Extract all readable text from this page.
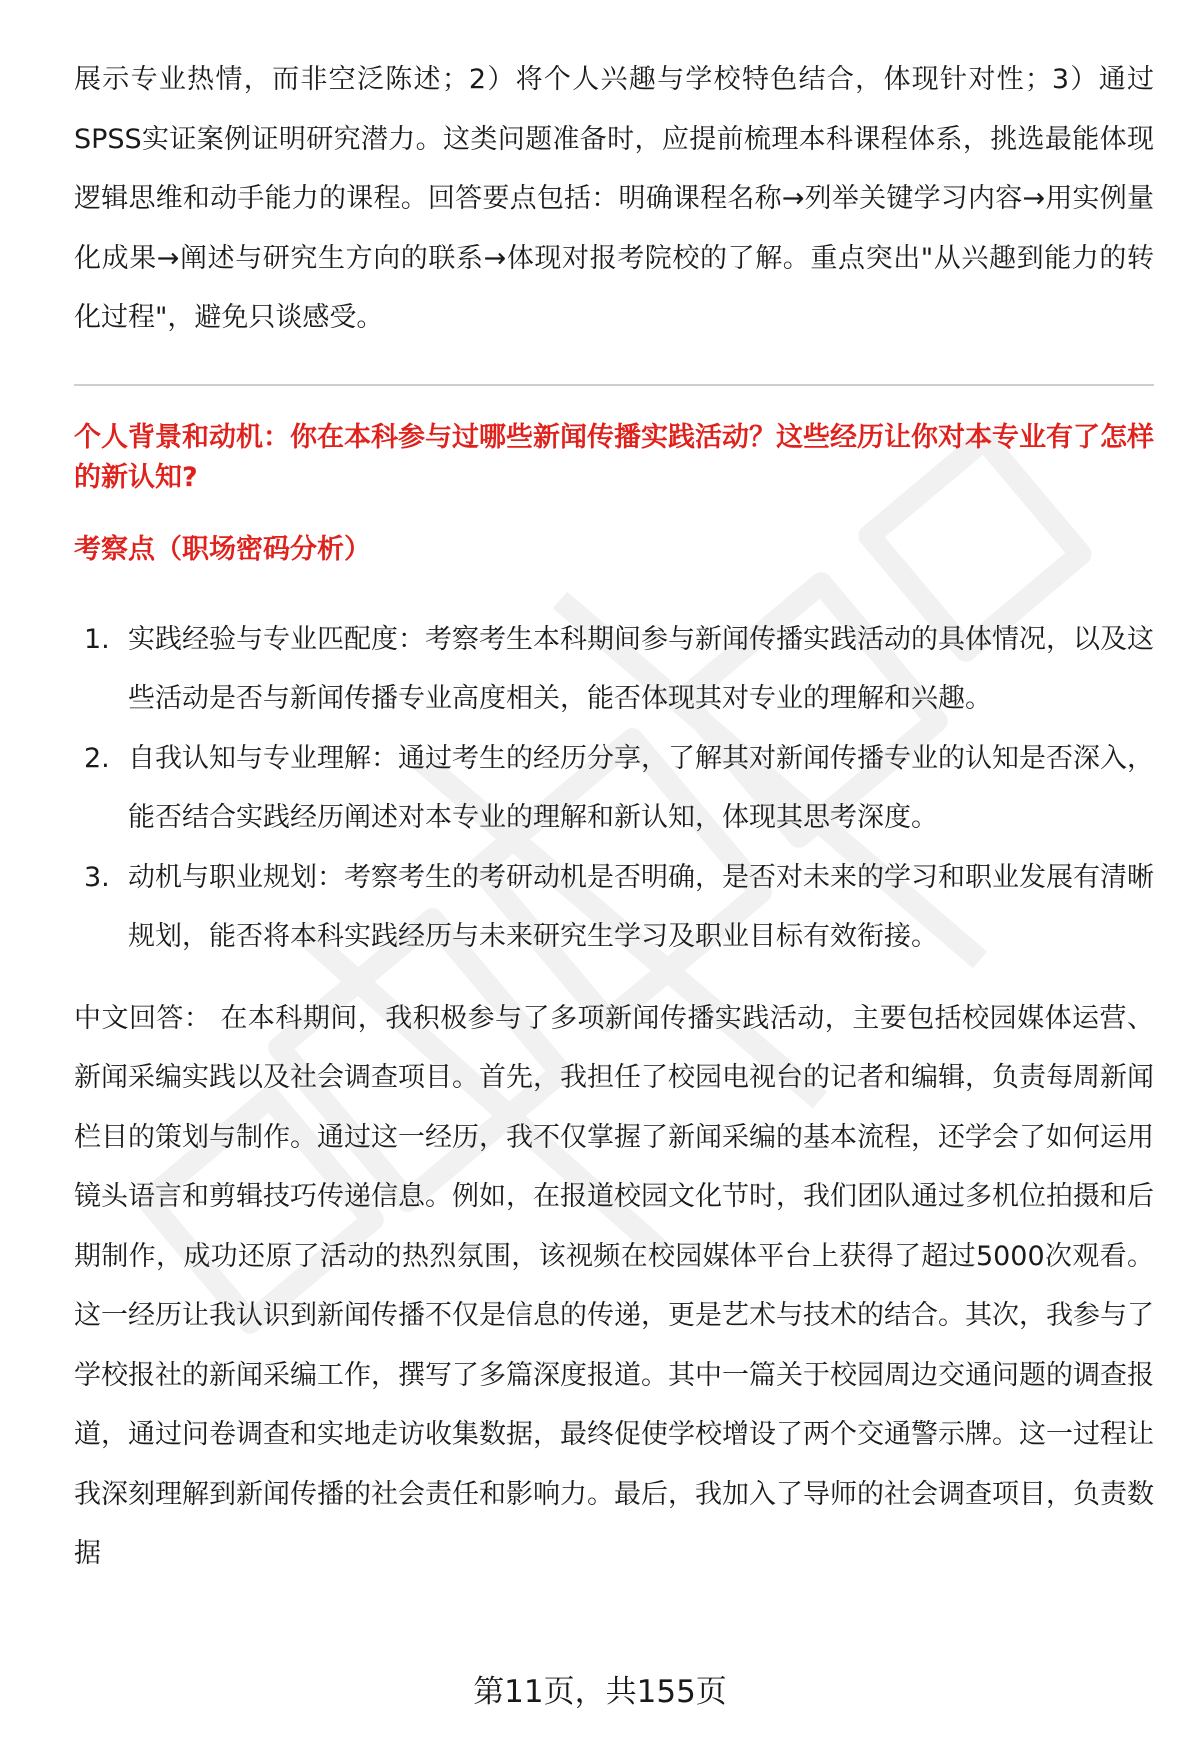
展示专业热情，而非空泛陈述；2）将个人兴趣与学校特色结合，体现针对性；3）通过SPSS实证案例证明研究潜力。这类问题准备时，应提前梳理本科课程体系，挑选最能体现逻辑思维和动手能力的课程。回答要点包括：明确课程名称→列举关键学习内容→用实例量化成果→阐述与研究生方向的联系→体现对报考院校的了解。重点突出"从兴趣到能力的转化过程"，避免只谈感受。

个人背景和动机：你在本科参与过哪些新闻传播实践活动？这些经历让你对本专业有了怎样的新认知?

考察点（职场密码分析）

1. 实践经验与专业匹配度：考察考生本科期间参与新闻传播实践活动的具体情况，以及这些活动是否与新闻传播专业高度相关，能否体现其对专业的理解和兴趣。
2. 自我认知与专业理解：通过考生的经历分享，了解其对新闻传播专业的认知是否深入，能否结合实践经历阐述对本专业的理解和新认知，体现其思考深度。
3. 动机与职业规划：考察考生的考研动机是否明确，是否对未来的学习和职业发展有清晰规划，能否将本科实践经历与未来研究生学习及职业目标有效衔接。

中文回答： 在本科期间，我积极参与了多项新闻传播实践活动，主要包括校园媒体运营、新闻采编实践以及社会调查项目。首先，我担任了校园电视台的记者和编辑，负责每周新闻栏目的策划与制作。通过这一经历，我不仅掌握了新闻采编的基本流程，还学会了如何运用镜头语言和剪辑技巧传递信息。例如，在报道校园文化节时，我们团队通过多机位拍摄和后期制作，成功还原了活动的热烈氛围，该视频在校园媒体平台上获得了超过5000次观看。这一经历让我认识到新闻传播不仅是信息的传递，更是艺术与技术的结合。其次，我参与了学校报社的新闻采编工作，撰写了多篇深度报道。其中一篇关于校园周边交通问题的调查报道，通过问卷调查和实地走访收集数据，最终促使学校增设了两个交通警示牌。这一过程让我深刻理解到新闻传播的社会责任和影响力。最后，我加入了导师的社会调查项目，负责数据

第11页，共155页
